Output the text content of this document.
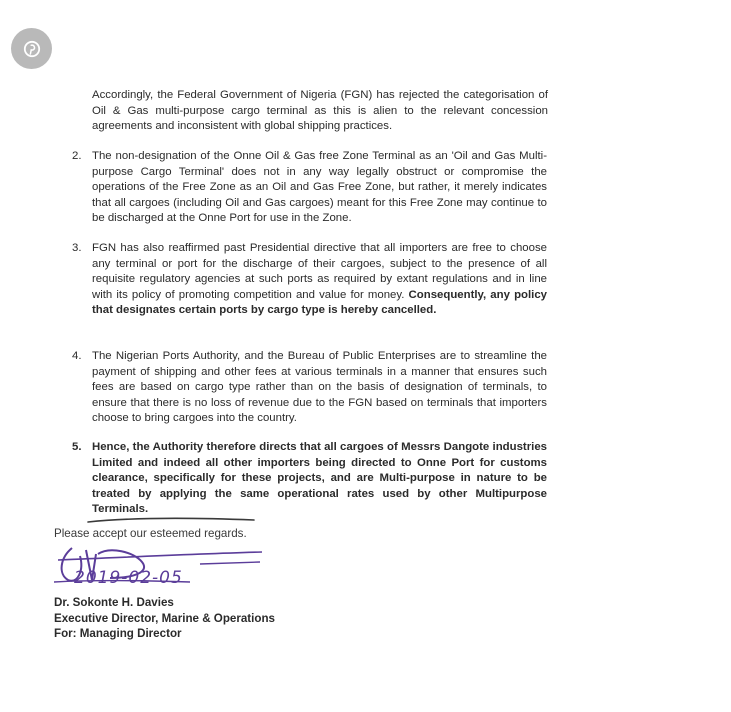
Accordingly, the Federal Government of Nigeria (FGN) has rejected the categorisation of Oil & Gas multi-purpose cargo terminal as this is alien to the relevant concession agreements and inconsistent with global shipping practices.
2. The non-designation of the Onne Oil & Gas free Zone Terminal as an 'Oil and Gas Multi-purpose Cargo Terminal' does not in any way legally obstruct or compromise the operations of the Free Zone as an Oil and Gas Free Zone, but rather, it merely indicates that all cargoes (including Oil and Gas cargoes) meant for this Free Zone may continue to be discharged at the Onne Port for use in the Zone.
3. FGN has also reaffirmed past Presidential directive that all importers are free to choose any terminal or port for the discharge of their cargoes, subject to the presence of all requisite regulatory agencies at such ports as required by extant regulations and in line with its policy of promoting competition and value for money. Consequently, any policy that designates certain ports by cargo type is hereby cancelled.
4. The Nigerian Ports Authority, and the Bureau of Public Enterprises are to streamline the payment of shipping and other fees at various terminals in a manner that ensures such fees are based on cargo type rather than on the basis of designation of terminals, to ensure that there is no loss of revenue due to the FGN based on terminals that importers choose to bring cargoes into the country.
5. Hence, the Authority therefore directs that all cargoes of Messrs Dangote industries Limited and indeed all other importers being directed to Onne Port for customs clearance, specifically for these projects, and are Multi-purpose in nature to be treated by applying the same operational rates used by other Multipurpose Terminals.
Please accept our esteemed regards.
2019-02-05
Dr. Sokonte H. Davies
Executive Director, Marine & Operations
For: Managing Director
